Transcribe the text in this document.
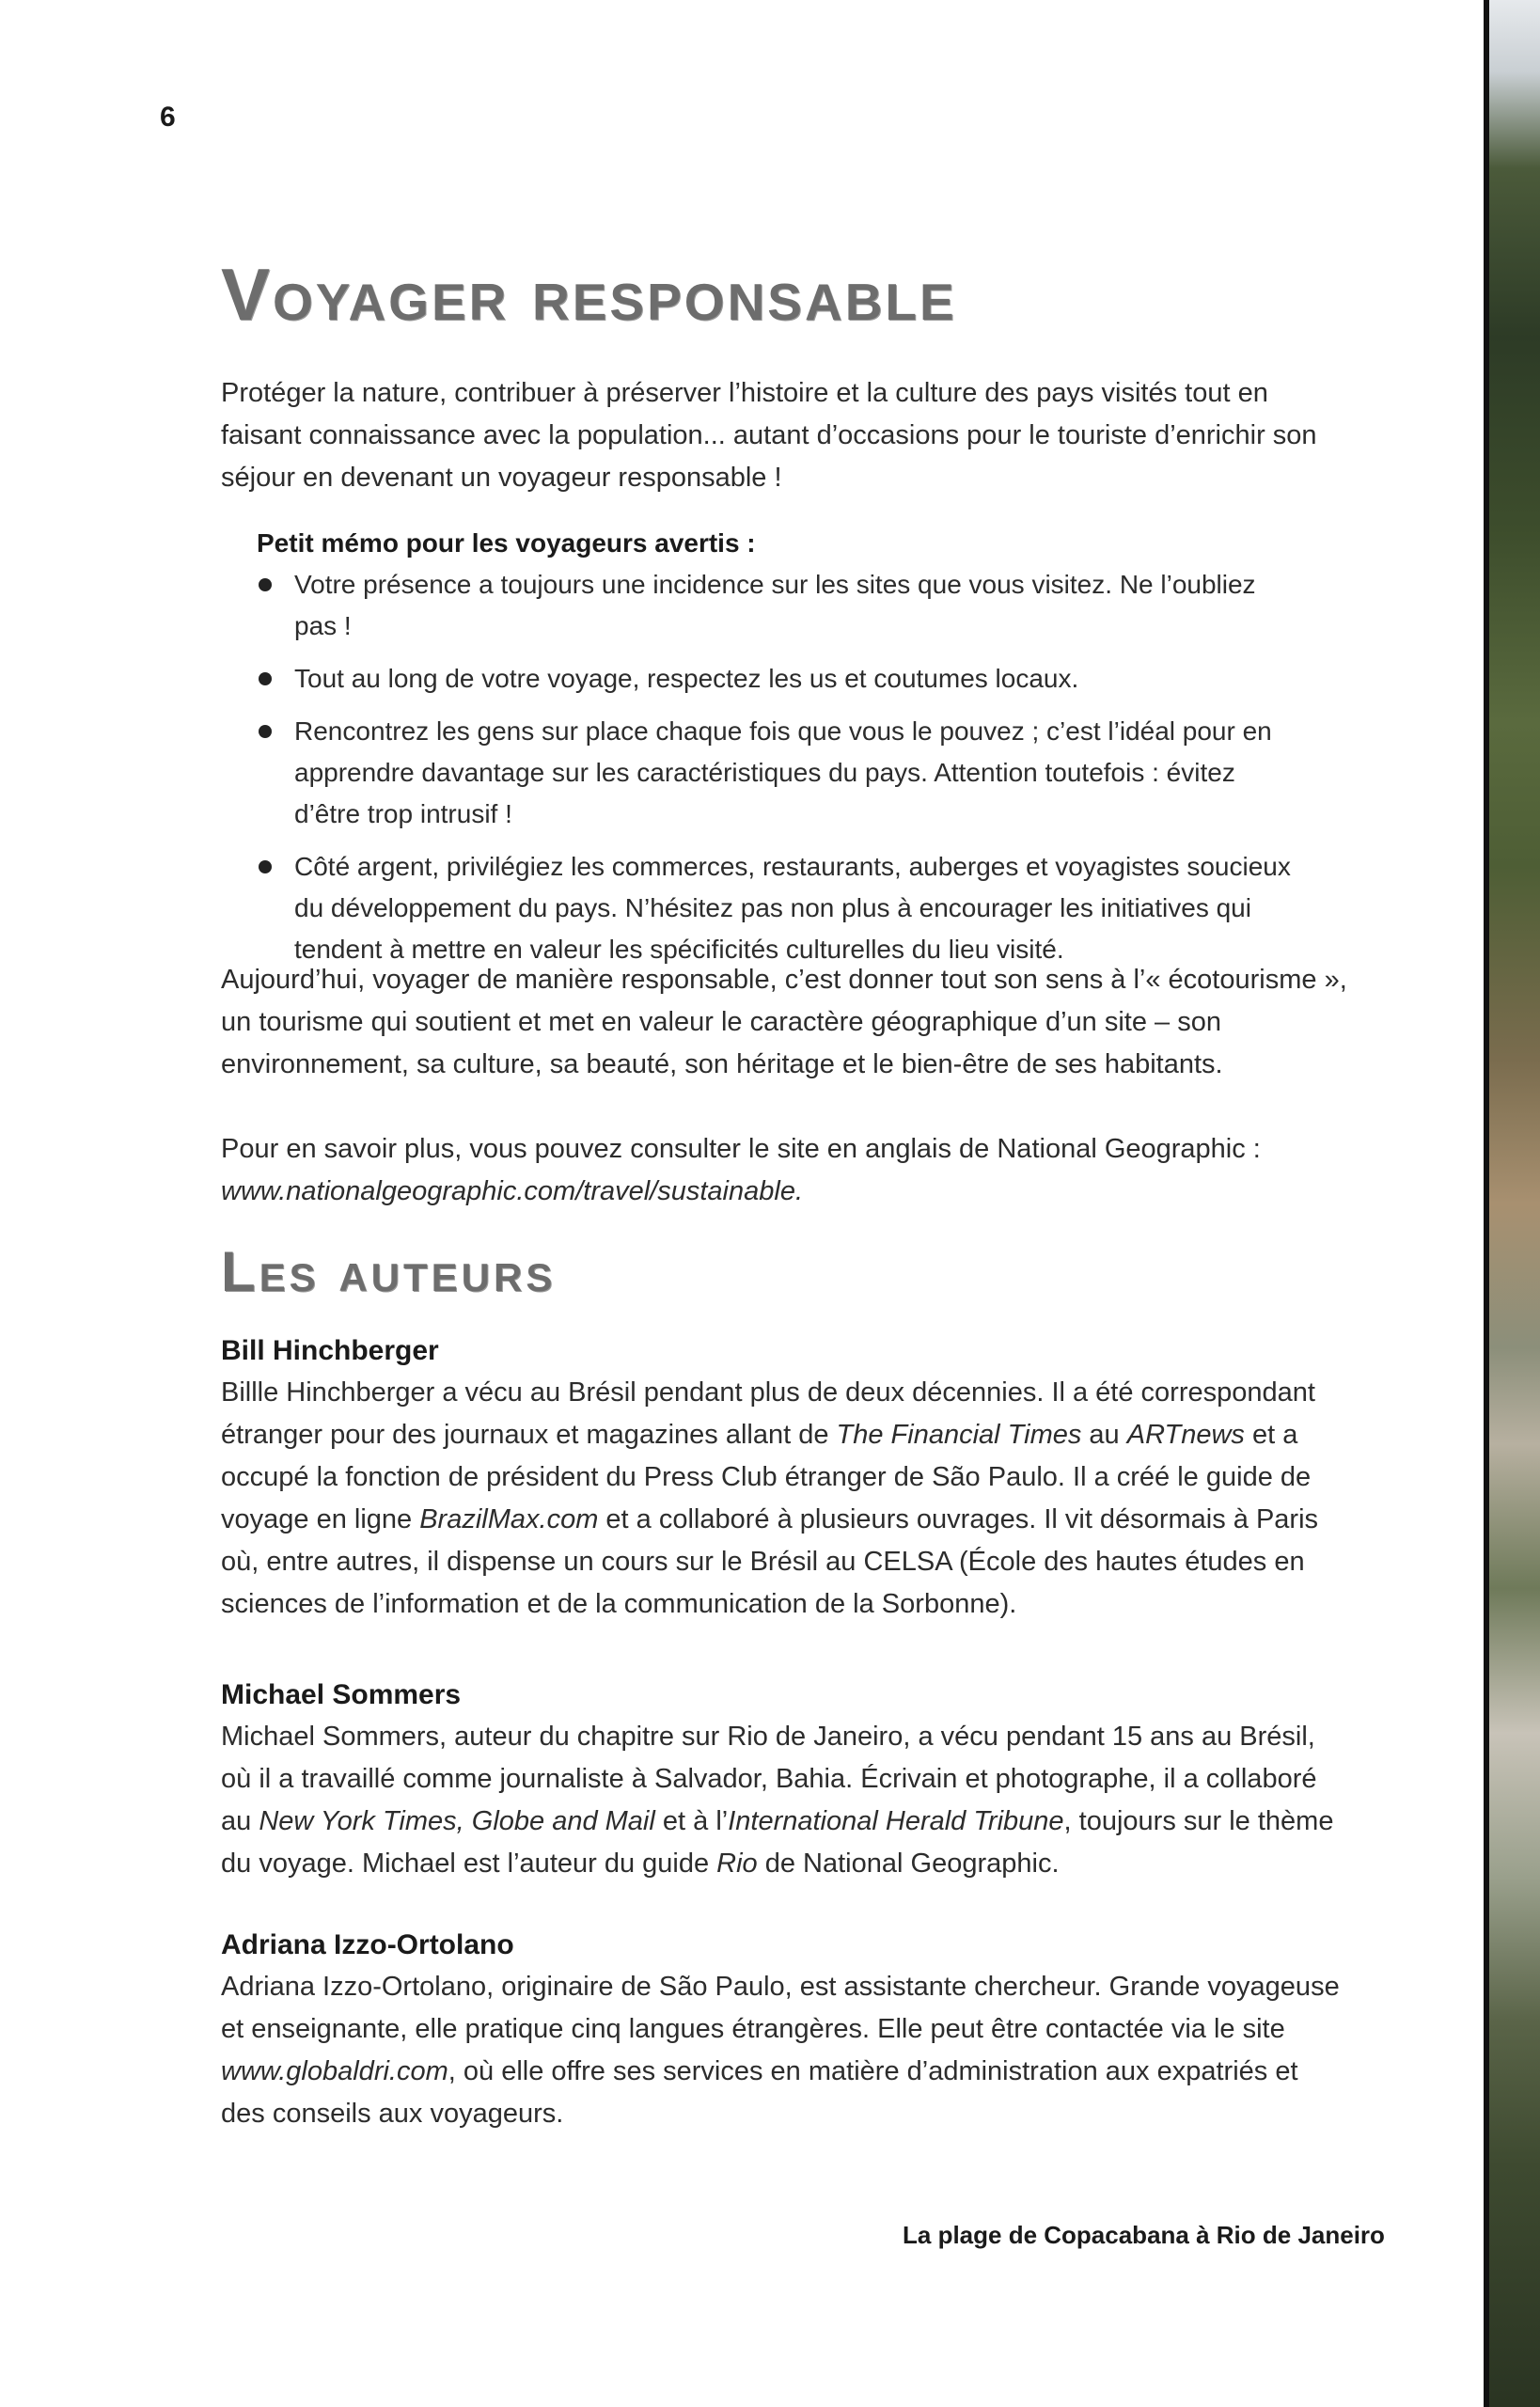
6
Voyager responsable

Protéger la nature, contribuer à préserver l’histoire et la culture des pays visités tout en faisant connaissance avec la population... autant d’occasions pour le touriste d’enrichir son séjour en devenant un voyageur responsable !

Petit mémo pour les voyageurs avertis :

Votre présence a toujours une incidence sur les sites que vous visitez. Ne l’oubliez pas !
Tout au long de votre voyage, respectez les us et coutumes locaux.
Rencontrez les gens sur place chaque fois que vous le pouvez ; c’est l’idéal pour en apprendre davantage sur les caractéristiques du pays. Attention toutefois : évitez d’être trop intrusif !
Côté argent, privilégiez les commerces, restaurants, auberges et voyagistes soucieux du développement du pays. N’hésitez pas non plus à encourager les initiatives qui tendent à mettre en valeur les spécificités culturelles du lieu visité.

Aujourd’hui, voyager de manière responsable, c’est donner tout son sens à l’« écotourisme », un tourisme qui soutient et met en valeur le caractère géographique d’un site – son environnement, sa culture, sa beauté, son héritage et le bien-être de ses habitants.

Pour en savoir plus, vous pouvez consulter le site en anglais de National Geographic :
www.nationalgeographic.com/travel/sustainable.

Les auteurs

Bill Hinchberger

Billle Hinchberger a vécu au Brésil pendant plus de deux décennies. Il a été correspondant étranger pour des journaux et magazines allant de The Financial Times au ARTnews et a occupé la fonction de président du Press Club étranger de São Paulo. Il a créé le guide de voyage en ligne BrazilMax.com et a collaboré à plusieurs ouvrages. Il vit désormais à Paris où, entre autres, il dispense un cours sur le Brésil au CELSA (École des hautes études en sciences de l’information et de la communication de la Sorbonne).

Michael Sommers

Michael Sommers, auteur du chapitre sur Rio de Janeiro, a vécu pendant 15 ans au Brésil, où il a travaillé comme journaliste à Salvador, Bahia. Écrivain et photographe, il a collaboré au New York Times, Globe and Mail et à l’International Herald Tribune, toujours sur le thème du voyage. Michael est l’auteur du guide Rio de National Geographic.

Adriana Izzo-Ortolano

Adriana Izzo-Ortolano, originaire de São Paulo, est assistante chercheur. Grande voyageuse et enseignante, elle pratique cinq langues étrangères. Elle peut être contactée via le site www.globaldri.com, où elle offre ses services en matière d’administration aux expatriés et des conseils aux voyageurs.

La plage de Copacabana à Rio de Janeiro
